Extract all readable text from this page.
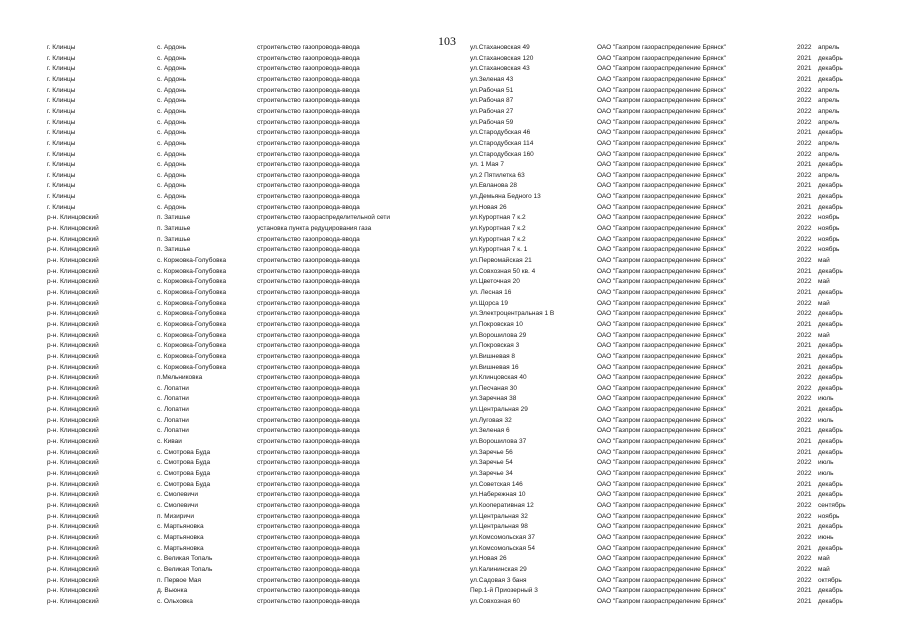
103
г. Клинцы	с. Ардонь	строительство газопровода-ввода	ул.Стахановская 49	ОАО "Газпром газораспределение Брянск"	2022	апрель
г. Клинцы	с. Ардонь	строительство газопровода-ввода	ул.Стахановская 120	ОАО "Газпром газораспределение Брянск"	2021	декабрь
г. Клинцы	с. Ардонь	строительство газопровода-ввода	ул.Стахановская 43	ОАО "Газпром газораспределение Брянск"	2021	декабрь
г. Клинцы	с. Ардонь	строительство газопровода-ввода	ул.Зеленая 43	ОАО "Газпром газораспределение Брянск"	2021	декабрь
г. Клинцы	с. Ардонь	строительство газопровода-ввода	ул.Рабочая 51	ОАО "Газпром газораспределение Брянск"	2022	апрель
г. Клинцы	с. Ардонь	строительство газопровода-ввода	ул.Рабочая 87	ОАО "Газпром газораспределение Брянск"	2022	апрель
г. Клинцы	с. Ардонь	строительство газопровода-ввода	ул.Рабочая 27	ОАО "Газпром газораспределение Брянск"	2022	апрель
г. Клинцы	с. Ардонь	строительство газопровода-ввода	ул.Рабочая 59	ОАО "Газпром газораспределение Брянск"	2022	апрель
г. Клинцы	с. Ардонь	строительство газопровода-ввода	ул.Стародубская 46	ОАО "Газпром газораспределение Брянск"	2021	декабрь
г. Клинцы	с. Ардонь	строительство газопровода-ввода	ул.Стародубская 114	ОАО "Газпром газораспределение Брянск"	2022	апрель
г. Клинцы	с. Ардонь	строительство газопровода-ввода	ул.Стародубская 160	ОАО "Газпром газораспределение Брянск"	2022	апрель
г. Клинцы	с. Ардонь	строительство газопровода-ввода	ул. 1 Мая 7	ОАО "Газпром газораспределение Брянск"	2021	декабрь
г. Клинцы	с. Ардонь	строительство газопровода-ввода	ул.2 Пятилетка 63	ОАО "Газпром газораспределение Брянск"	2022	апрель
г. Клинцы	с. Ардонь	строительство газопровода-ввода	ул.Евланова 28	ОАО "Газпром газораспределение Брянск"	2021	декабрь
г. Клинцы	с. Ардонь	строительство газопровода-ввода	ул.Демьяна Бедного 13	ОАО "Газпром газораспределение Брянск"	2021	декабрь
г. Клинцы	с. Ардонь	строительство газопровода-ввода	ул.Новая 26	ОАО "Газпром газораспределение Брянск"	2021	декабрь
р-н. Клинцовский	п. Затишье	строительство газораспределительной сети	ул.Курортная 7 к.2	ОАО "Газпром газораспределение Брянск"	2022	ноябрь
р-н. Клинцовский	п. Затишье	установка пункта редуцирования газа	ул.Курортная 7 к.2	ОАО "Газпром газораспределение Брянск"	2022	ноябрь
р-н. Клинцовский	п. Затишье	строительство газопровода-ввода	ул.Курортная 7 к.2	ОАО "Газпром газораспределение Брянск"	2022	ноябрь
р-н. Клинцовский	п. Затишье	строительство газопровода-ввода	ул.Курортная 7 к. 1	ОАО "Газпром газораспределение Брянск"	2022	ноябрь
р-н. Клинцовский	с. Коржовка-Голубовка	строительство газопровода-ввода	ул.Первомайская 21	ОАО "Газпром газораспределение Брянск"	2022	май
р-н. Клинцовский	с. Коржовка-Голубовка	строительство газопровода-ввода	ул.Совхозная 50 кв. 4	ОАО "Газпром газораспределение Брянск"	2021	декабрь
р-н. Клинцовский	с. Коржовка-Голубовка	строительство газопровода-ввода	ул.Цветочная 20	ОАО "Газпром газораспределение Брянск"	2022	май
р-н. Клинцовский	с. Коржовка-Голубовка	строительство газопровода-ввода	ул. Лесная 16	ОАО "Газпром газораспределение Брянск"	2021	декабрь
р-н. Клинцовский	с. Коржовка-Голубовка	строительство газопровода-ввода	ул.Щорса 19	ОАО "Газпром газораспределение Брянск"	2022	май
р-н. Клинцовский	с. Коржовка-Голубовка	строительство газопровода-ввода	ул.Электроцентральная 1 В	ОАО "Газпром газораспределение Брянск"	2022	декабрь
р-н. Клинцовский	с. Коржовка-Голубовка	строительство газопровода-ввода	ул.Покровская 10	ОАО "Газпром газораспределение Брянск"	2021	декабрь
р-н. Клинцовский	с. Коржовка-Голубовка	строительство газопровода-ввода	ул.Ворошилова 29	ОАО "Газпром газораспределение Брянск"	2022	май
р-н. Клинцовский	с. Коржовка-Голубовка	строительство газопровода-ввода	ул.Покровская 3	ОАО "Газпром газораспределение Брянск"	2021	декабрь
р-н. Клинцовский	с. Коржовка-Голубовка	строительство газопровода-ввода	ул.Вишневая 8	ОАО "Газпром газораспределение Брянск"	2021	декабрь
р-н. Клинцовский	с. Коржовка-Голубовка	строительство газопровода-ввода	ул.Вишневая 16	ОАО "Газпром газораспределение Брянск"	2021	декабрь
р-н. Клинцовский	п.Мельниковка	строительство газопровода-ввода	ул.Клинцовская 40	ОАО "Газпром газораспределение Брянск"	2022	декабрь
р-н. Клинцовский	с. Лопатни	строительство газопровода-ввода	ул.Песчаная 30	ОАО "Газпром газораспределение Брянск"	2022	декабрь
р-н. Клинцовский	с. Лопатни	строительство газопровода-ввода	ул.Заречная 38	ОАО "Газпром газораспределение Брянск"	2022	июль
р-н. Клинцовский	с. Лопатни	строительство газопровода-ввода	ул.Центральная 29	ОАО "Газпром газораспределение Брянск"	2021	декабрь
р-н. Клинцовский	с. Лопатни	строительство газопровода-ввода	ул.Луговая 32	ОАО "Газпром газораспределение Брянск"	2022	июль
р-н. Клинцовский	с. Лопатни	строительство газопровода-ввода	ул.Зеленая 6	ОАО "Газпром газораспределение Брянск"	2021	декабрь
р-н. Клинцовский	с. Киваи	строительство газопровода-ввода	ул.Ворошилова 37	ОАО "Газпром газораспределение Брянск"	2021	декабрь
р-н. Клинцовский	с. Смотрова Буда	строительство газопровода-ввода	ул.Заречье 56	ОАО "Газпром газораспределение Брянск"	2021	декабрь
р-н. Клинцовский	с. Смотрова Буда	строительство газопровода-ввода	ул.Заречье 54	ОАО "Газпром газораспределение Брянск"	2022	июль
р-н. Клинцовский	с. Смотрова Буда	строительство газопровода-ввода	ул.Заречье 34	ОАО "Газпром газораспределение Брянск"	2022	июль
р-н. Клинцовский	с. Смотрова Буда	строительство газопровода-ввода	ул.Советская 146	ОАО "Газпром газораспределение Брянск"	2021	декабрь
р-н. Клинцовский	с. Смолевичи	строительство газопровода-ввода	ул.Набережная 10	ОАО "Газпром газораспределение Брянск"	2021	декабрь
р-н. Клинцовский	с. Смолевичи	строительство газопровода-ввода	ул.Кооперативная 12	ОАО "Газпром газораспределение Брянск"	2022	сентябрь
р-н. Клинцовский	п. Мизиричи	строительство газопровода-ввода	ул.Центральная 32	ОАО "Газпром газораспределение Брянск"	2022	ноябрь
р-н. Клинцовский	с. Мартьяновка	строительство газопровода-ввода	ул.Центральная 98	ОАО "Газпром газораспределение Брянск"	2021	декабрь
р-н. Клинцовский	с. Мартьяновка	строительство газопровода-ввода	ул.Комсомольская 37	ОАО "Газпром газораспределение Брянск"	2022	июнь
р-н. Клинцовский	с. Мартьяновка	строительство газопровода-ввода	ул.Комсомольская 54	ОАО "Газпром газораспределение Брянск"	2021	декабрь
р-н. Клинцовский	с. Великая Топаль	строительство газопровода-ввода	ул.Новая 26	ОАО "Газпром газораспределение Брянск"	2022	май
р-н. Клинцовский	с. Великая Топаль	строительство газопровода-ввода	ул.Калининская 29	ОАО "Газпром газораспределение Брянск"	2022	май
р-н. Клинцовский	п. Первое Мая	строительство газопровода-ввода	ул.Садовая 3 баня	ОАО "Газпром газораспределение Брянск"	2022	октябрь
р-н. Клинцовский	д. Вьюнка	строительство газопровода-ввода	Пер.1-й Приозерный 3	ОАО "Газпром газораспределение Брянск"	2021	декабрь
р-н. Клинцовский	с. Ольховка	строительство газопровода-ввода	ул.Совхозная 60	ОАО "Газпром газораспределение Брянск"	2021	декабрь
